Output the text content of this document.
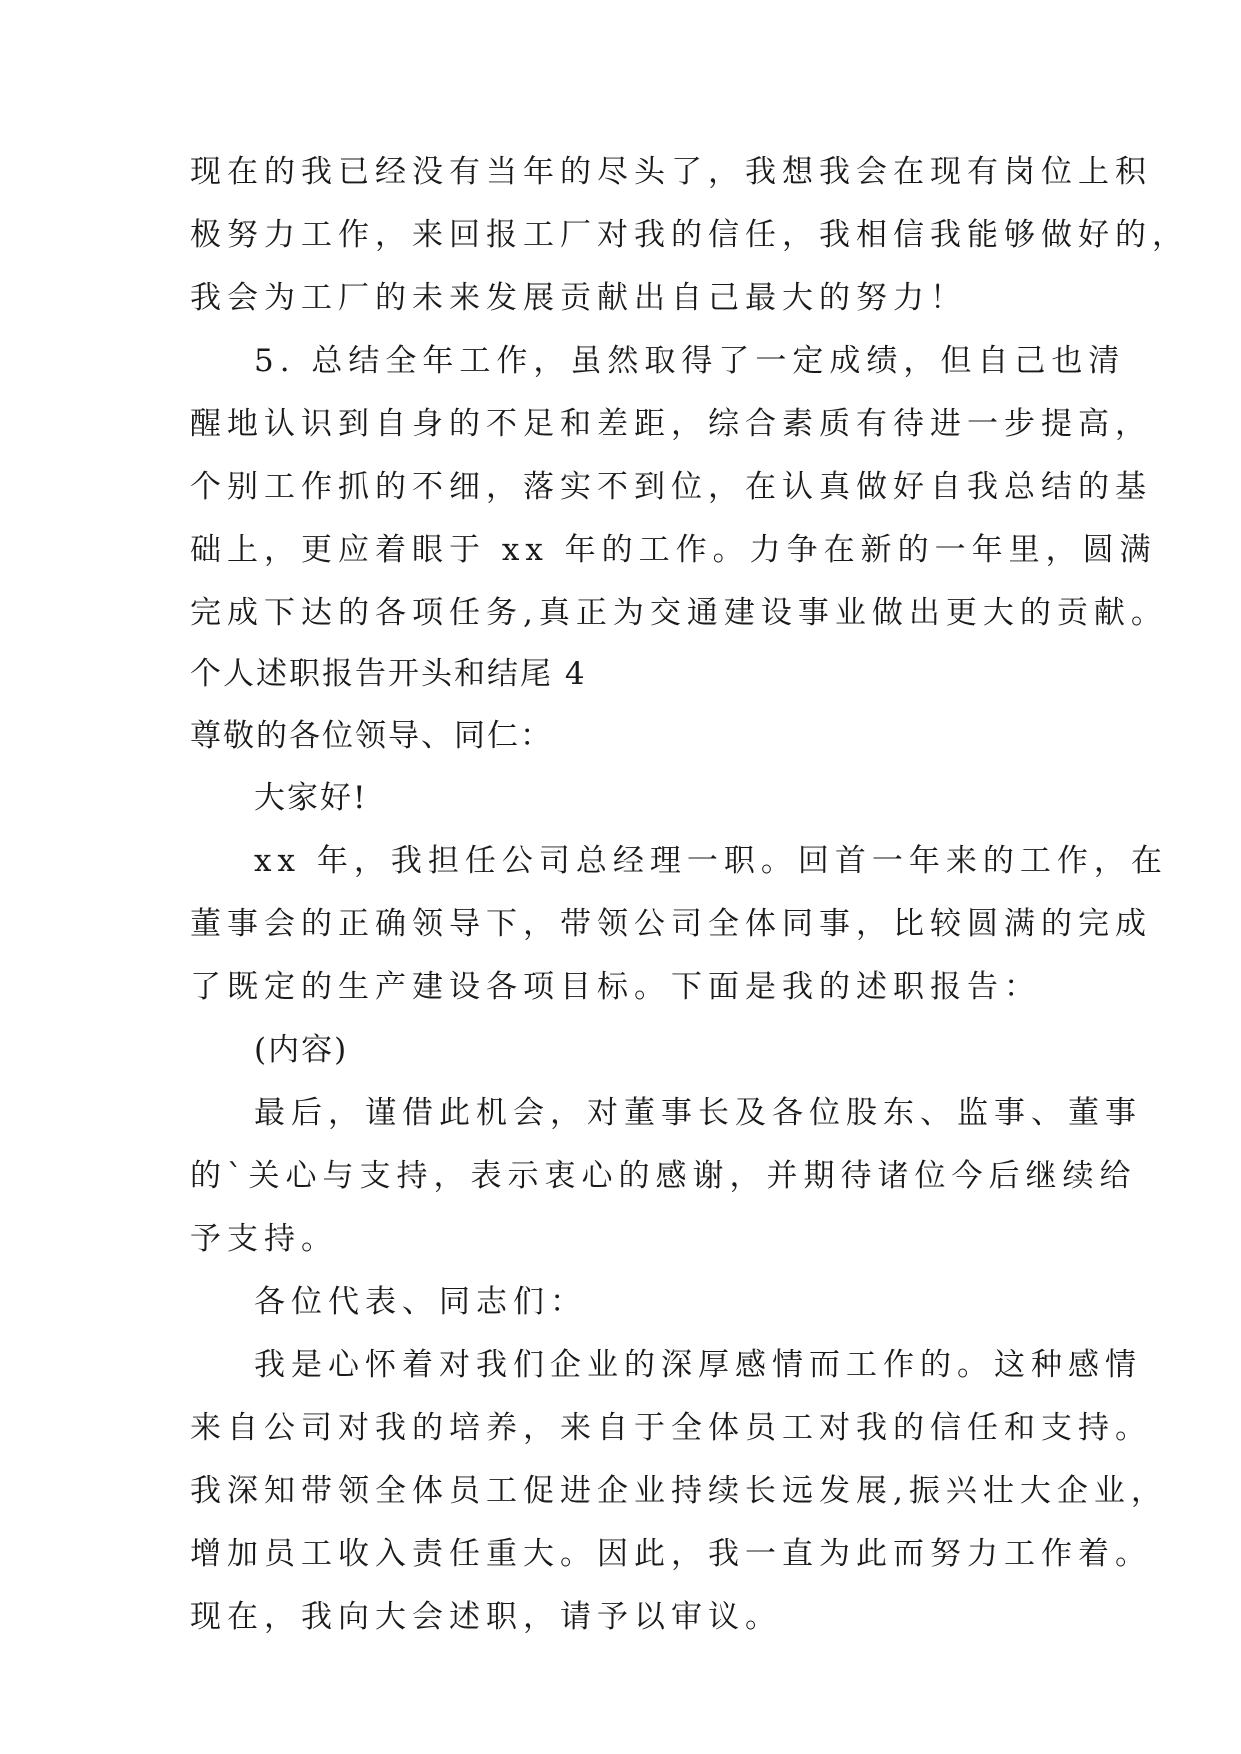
现在的我已经没有当年的尽头了，我想我会在现有岗位上积
极努力工作，来回报工厂对我的信任，我相信我能够做好的，
我会为工厂的未来发展贡献出自己最大的努力！
5. 总结全年工作，虽然取得了一定成绩，但自己也清
醒地认识到自身的不足和差距，综合素质有待进一步提高，
个别工作抓的不细，落实不到位，在认真做好自我总结的基
础上，更应着眼于 xx 年的工作。力争在新的一年里，圆满
完成下达的各项任务,真正为交通建设事业做出更大的贡献。
个人述职报告开头和结尾 4
尊敬的各位领导、同仁：
大家好!
xx 年，我担任公司总经理一职。回首一年来的工作，在
董事会的正确领导下，带领公司全体同事，比较圆满的完成
了既定的生产建设各项目标。下面是我的述职报告：
(内容)
最后，谨借此机会，对董事长及各位股东、监事、董事
的`关心与支持，表示衷心的感谢，并期待诸位今后继续给
予支持。
各位代表、同志们：
我是心怀着对我们企业的深厚感情而工作的。这种感情
来自公司对我的培养，来自于全体员工对我的信任和支持。
我深知带领全体员工促进企业持续长远发展,振兴壮大企业，
增加员工收入责任重大。因此，我一直为此而努力工作着。
现在，我向大会述职，请予以审议。
